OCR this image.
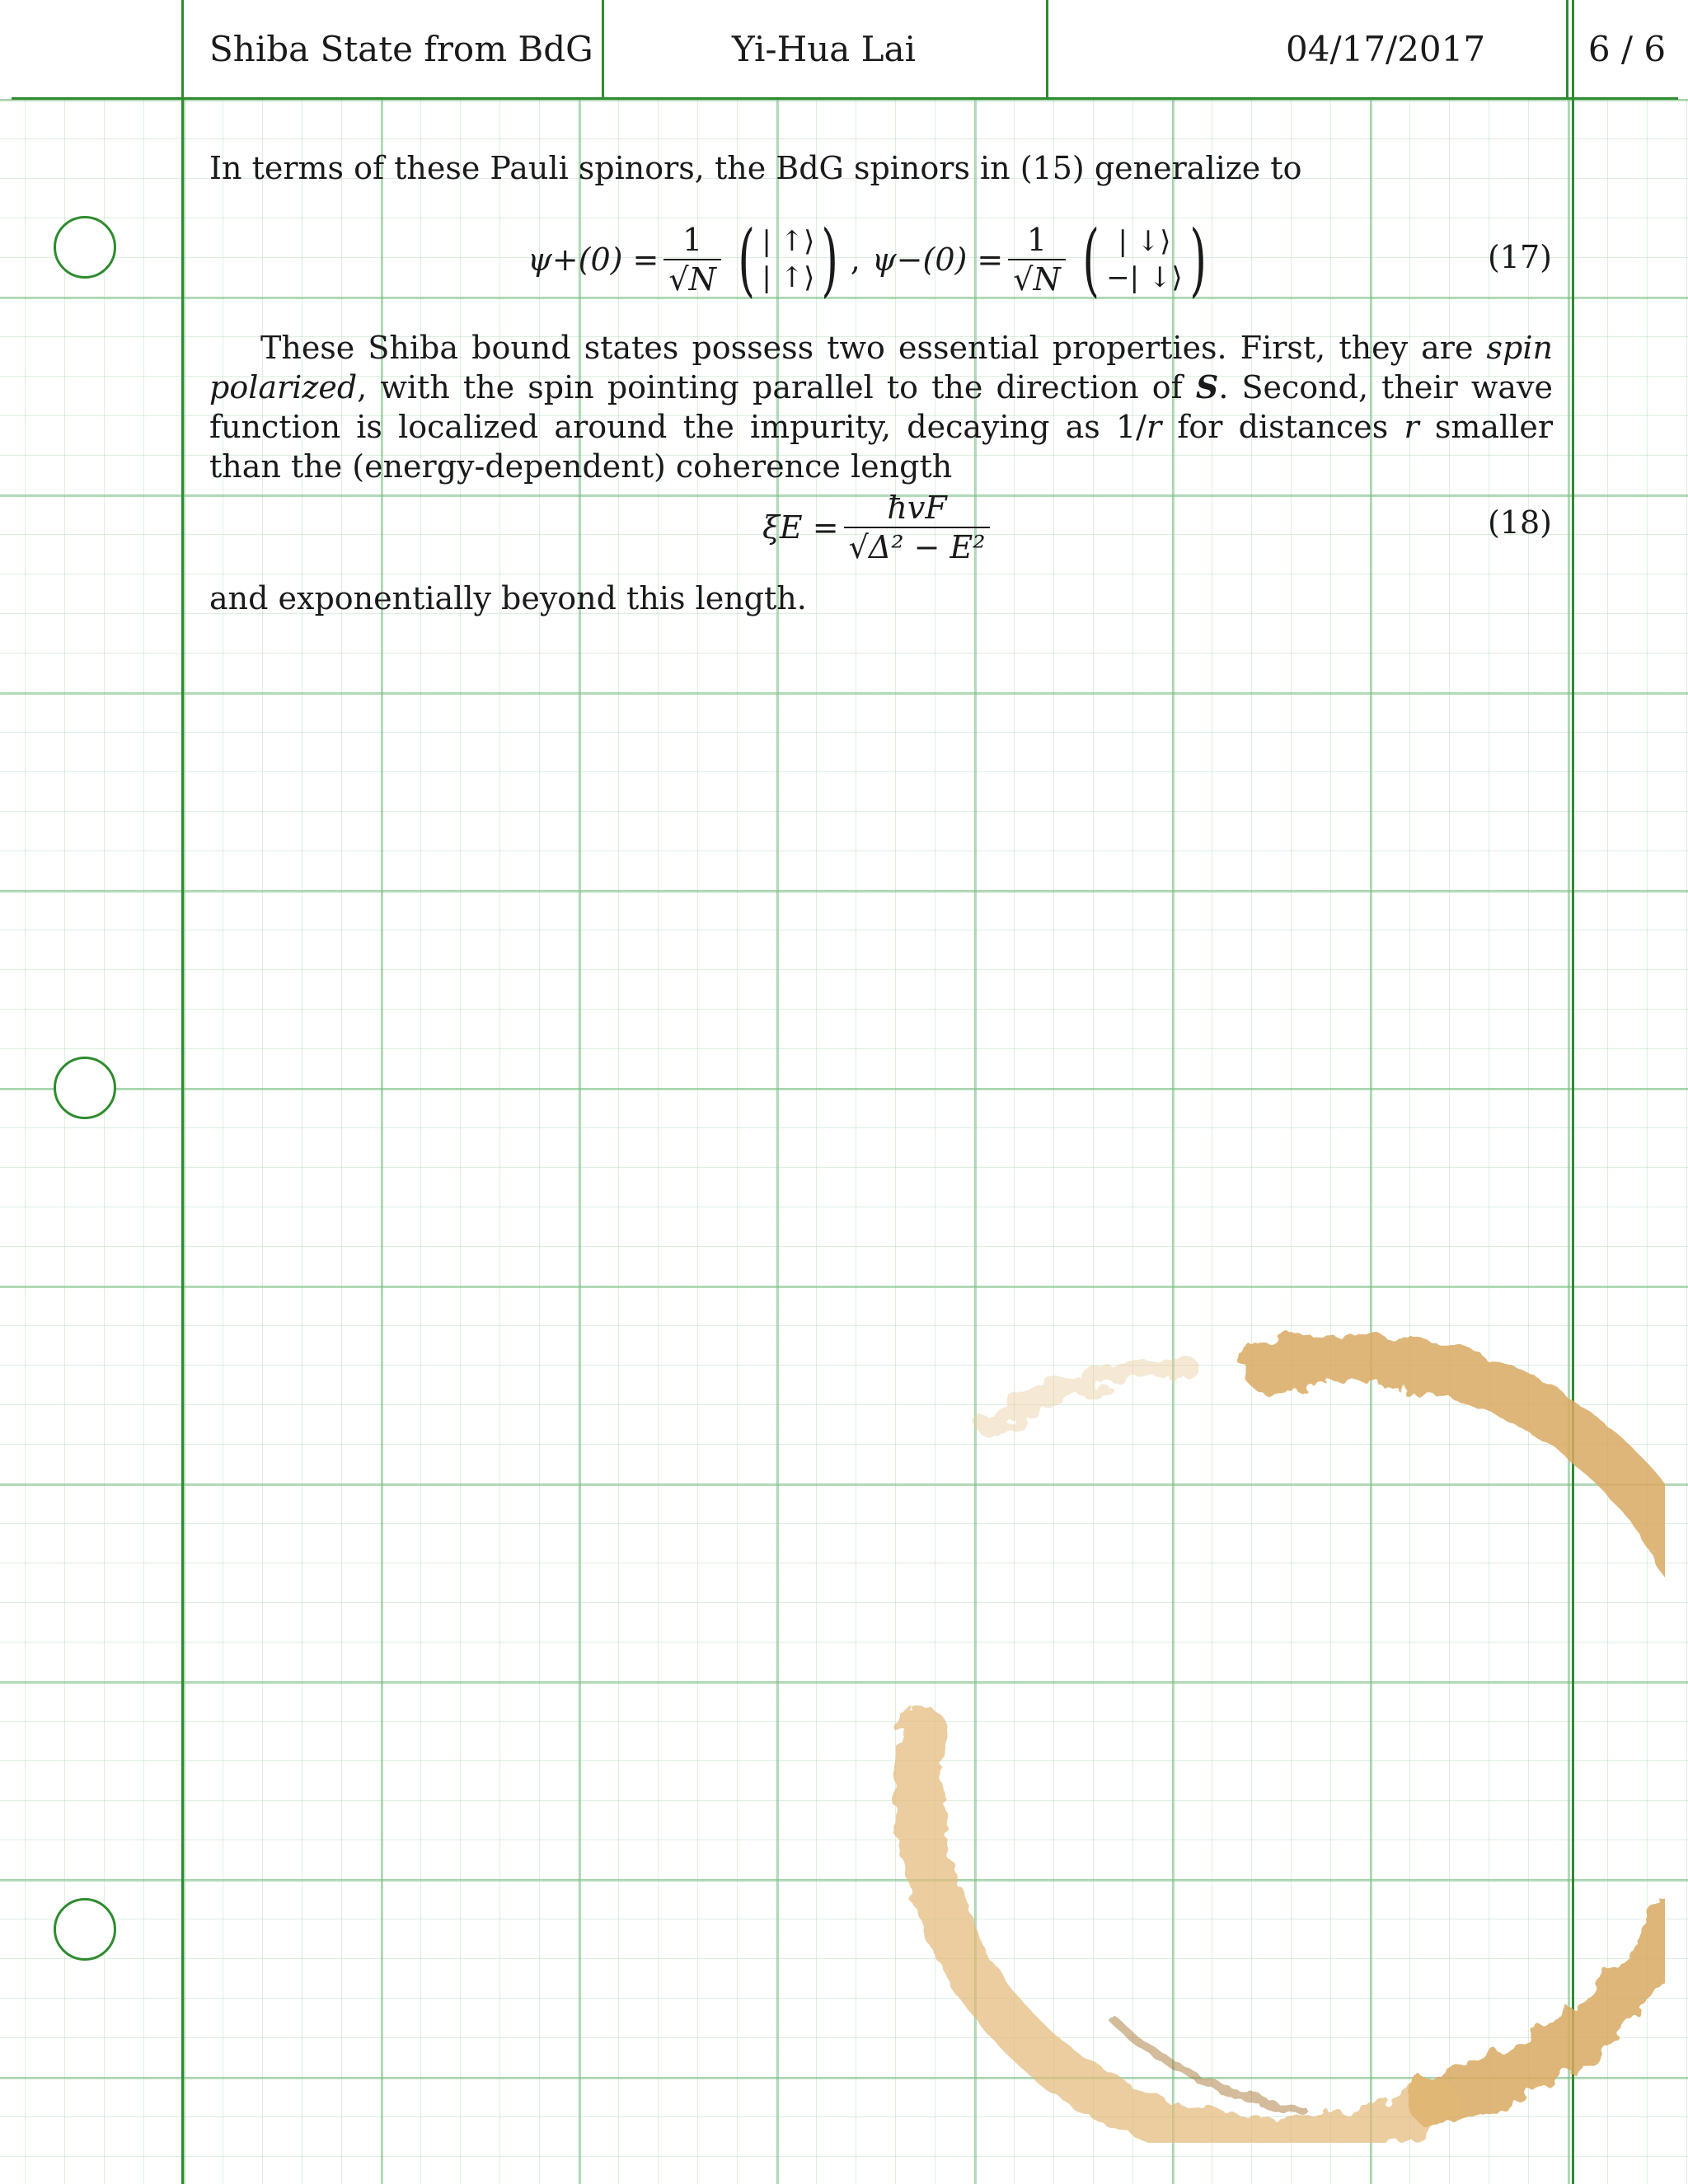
Shiba State from BdG	Yi-Hua Lai	04/17/2017	6 / 6
In terms of these Pauli spinors, the BdG spinors in (15) generalize to
$\psi+(0) = \frac{1}{√N}$ ( | ↑⟩
| ↑⟩ ) , $\psi-(0) = \frac{1}{√N}$ ( | ↓⟩
−| ↓⟩ )	(17)
These Shiba bound states possess two essential properties. First, they are spin polarized, with the spin pointing parallel to the direction of S. Second, their wave function is localized around the impurity, decaying as 1/r for distances r smaller than the (energy-dependent) coherence length
$\xi E = \frac{\text{ħvF}}{\text{√Δ² − E²}}$	(18)
and exponentially beyond this length.
